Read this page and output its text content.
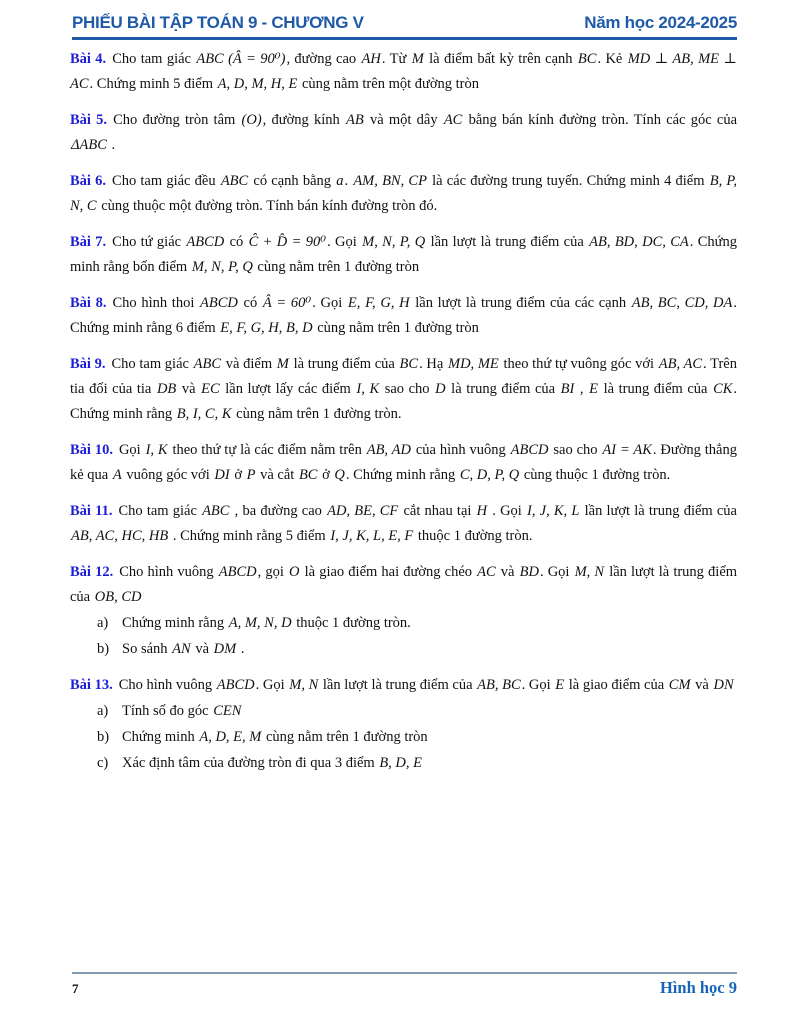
PHIẾU BÀI TẬP TOÁN 9 - CHƯƠNG V	Năm học 2024-2025

Bài 4. Cho tam giác ABC (Â = 90⁰), đường cao AH. Từ M là điểm bất kỳ trên cạnh BC. Kẻ MD ⊥ AB, ME ⊥ AC. Chứng minh 5 điểm A, D, M, H, E cùng nằm trên một đường tròn

Bài 5. Cho đường tròn tâm (O), đường kính AB và một dây AC bằng bán kính đường tròn. Tính các góc của ΔABC .

Bài 6. Cho tam giác đều ABC có cạnh bằng a. AM, BN, CP là các đường trung tuyến. Chứng minh 4 điểm B, P, N, C cùng thuộc một đường tròn. Tính bán kính đường tròn đó.

Bài 7. Cho tứ giác ABCD có Ĉ + D̂ = 90⁰. Gọi M, N, P, Q lần lượt là trung điểm của AB, BD, DC, CA. Chứng minh rằng bốn điểm M, N, P, Q cùng nằm trên 1 đường tròn

Bài 8. Cho hình thoi ABCD có Â = 60⁰. Gọi E, F, G, H lần lượt là trung điểm của các cạnh AB, BC, CD, DA. Chứng minh rằng 6 điểm E, F, G, H, B, D cùng nằm trên 1 đường tròn

Bài 9. Cho tam giác ABC và điểm M là trung điểm của BC. Hạ MD, ME theo thứ tự vuông góc với AB, AC. Trên tia đối của tia DB và EC lần lượt lấy các điểm I, K sao cho D là trung điểm của BI , E là trung điểm của CK. Chứng minh rằng B, I, C, K cùng nằm trên 1 đường tròn.

Bài 10. Gọi I, K theo thứ tự là các điểm nằm trên AB, AD của hình vuông ABCD sao cho AI = AK. Đường thẳng kẻ qua A vuông góc với DI ở P và cắt BC ở Q. Chứng minh rằng C, D, P, Q cùng thuộc 1 đường tròn.

Bài 11. Cho tam giác ABC , ba đường cao AD, BE, CF cắt nhau tại H . Gọi I, J, K, L lần lượt là trung điểm của AB, AC, HC, HB . Chứng minh rằng 5 điểm I, J, K, L, E, F thuộc 1 đường tròn.

Bài 12. Cho hình vuông ABCD, gọi O là giao điểm hai đường chéo AC và BD. Gọi M, N lần lượt là trung điểm của OB, CD

a) Chứng minh rằng A, M, N, D thuộc 1 đường tròn.
b) So sánh AN và DM .

Bài 13. Cho hình vuông ABCD. Gọi M, N lần lượt là trung điểm của AB, BC. Gọi E là giao điểm của CM và DN

a) Tính số đo góc CEN
b) Chứng minh A, D, E, M cùng nằm trên 1 đường tròn
c) Xác định tâm của đường tròn đi qua 3 điểm B, D, E
7	Hình học 9
